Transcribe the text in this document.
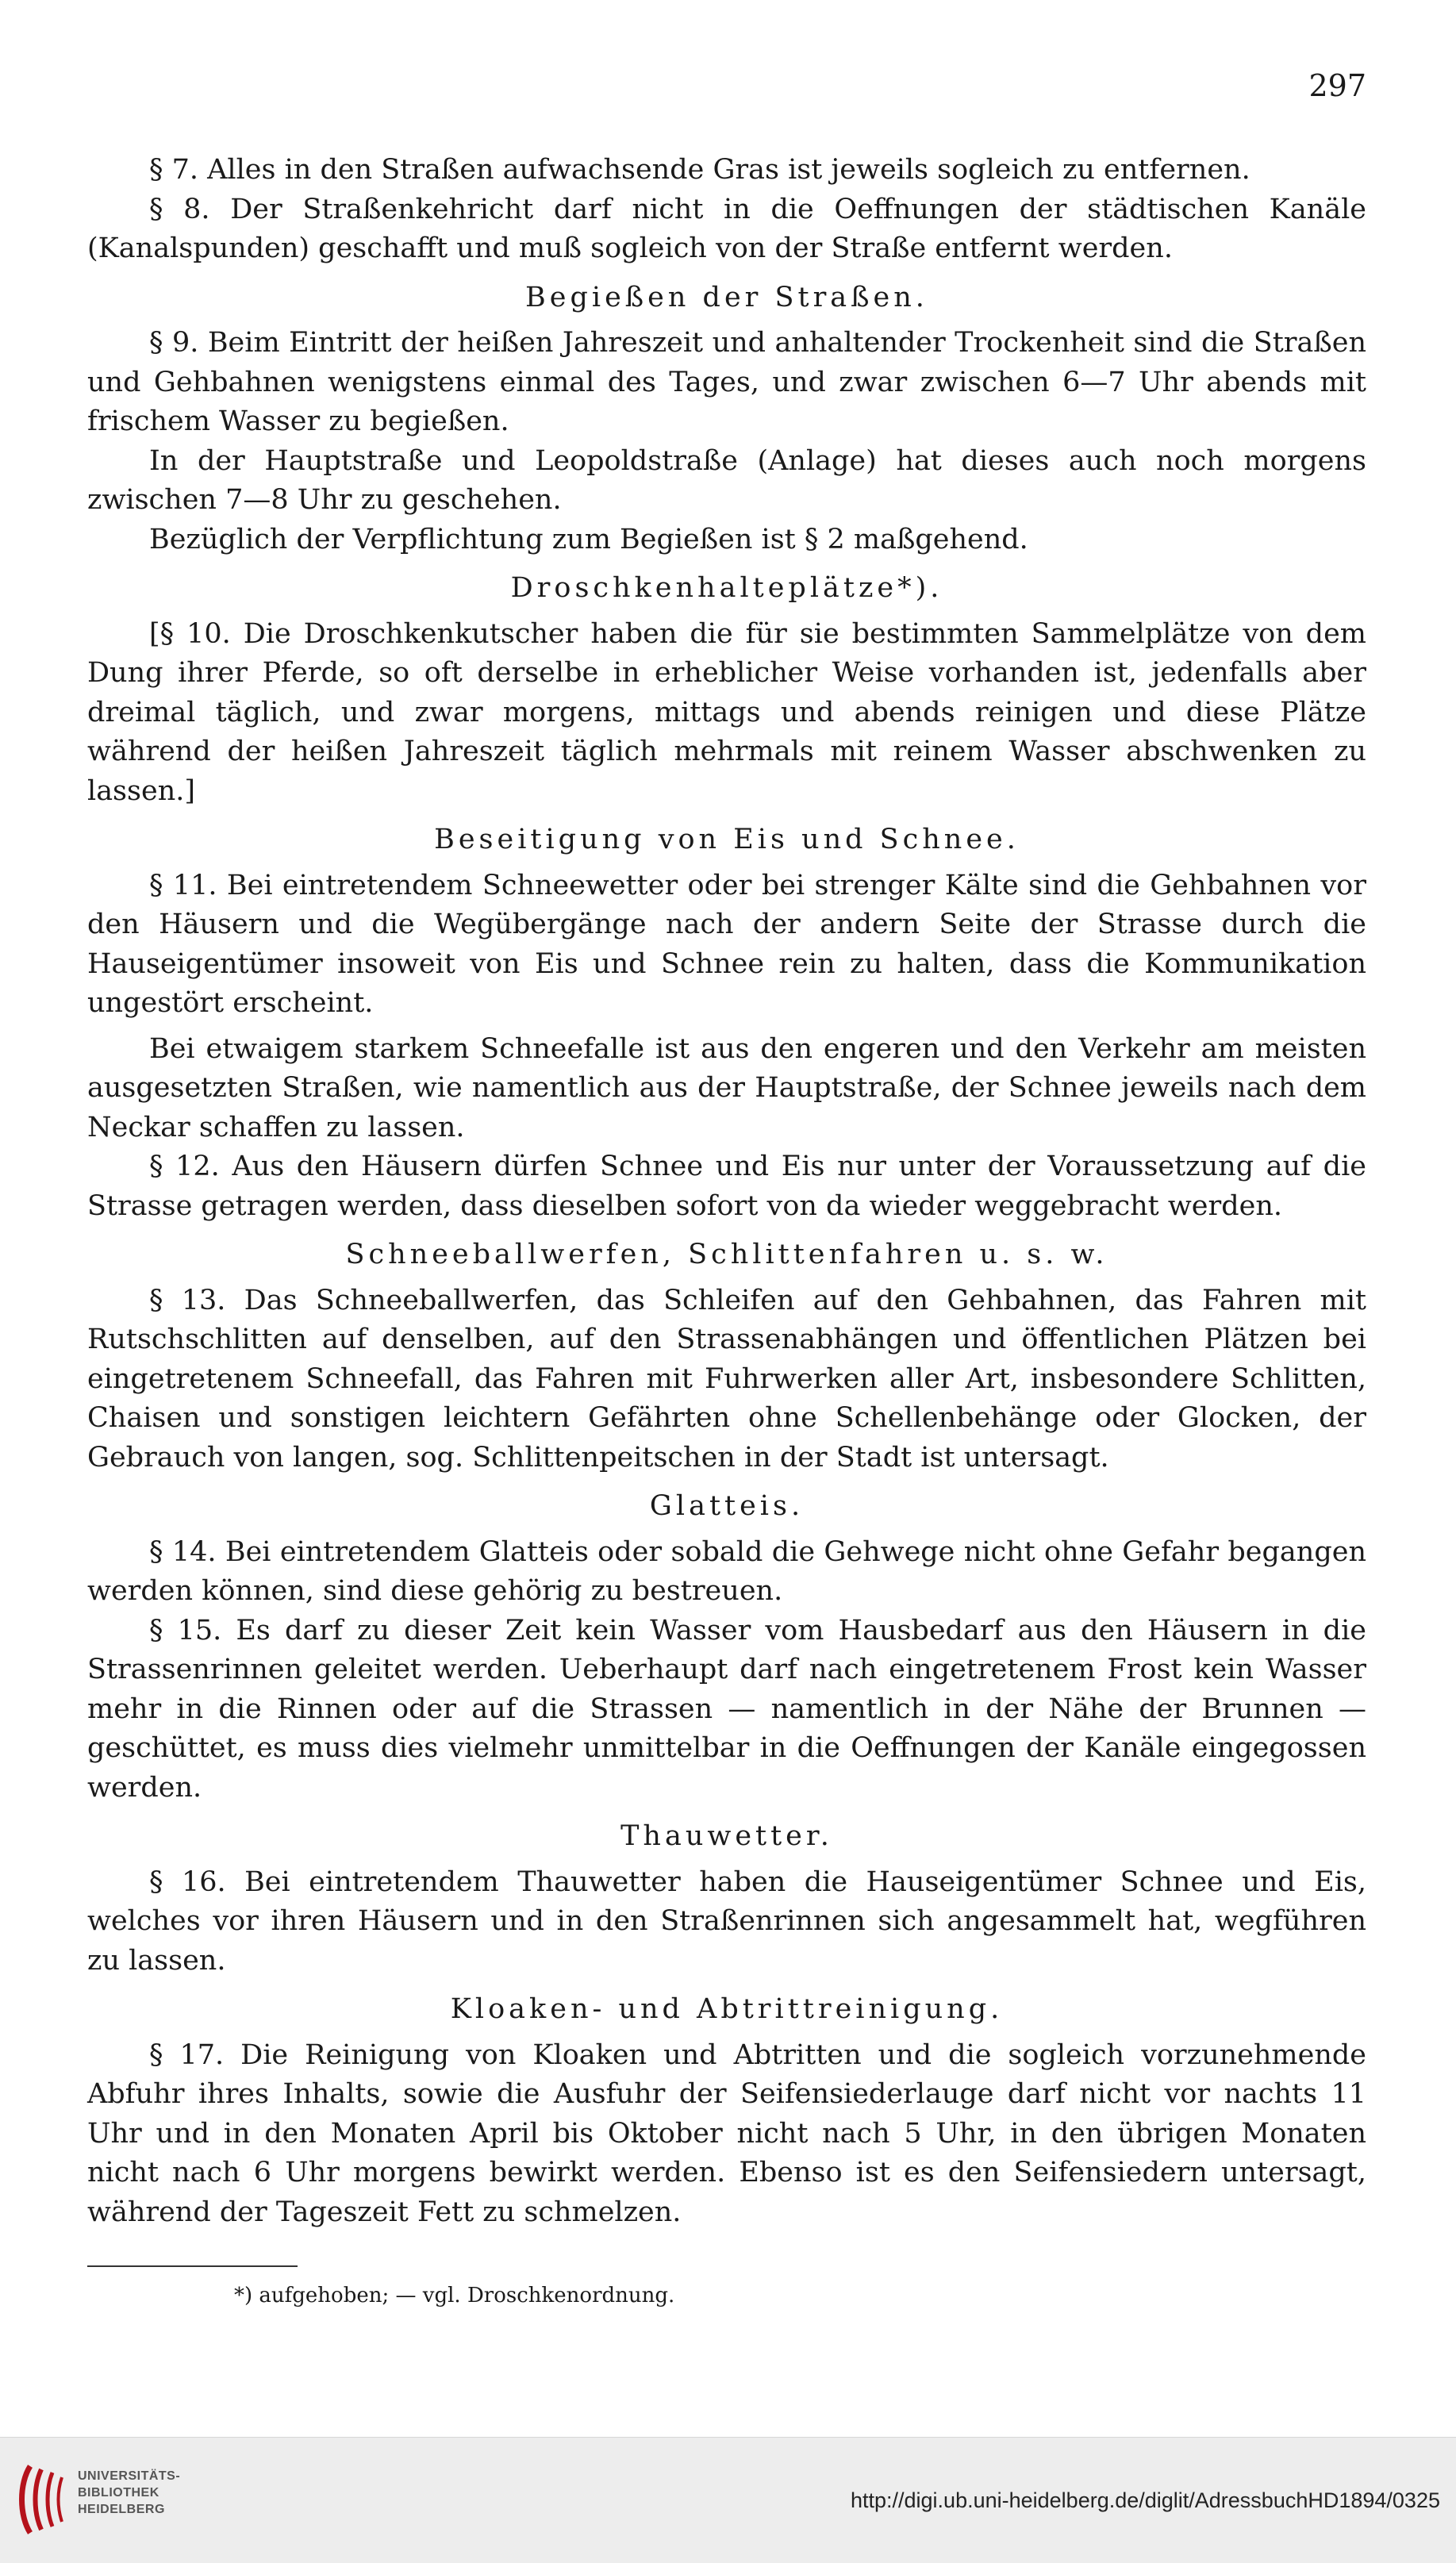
297

§ 7. Alles in den Straßen aufwachsende Gras ist jeweils sogleich zu entfernen.

§ 8. Der Straßenkehricht darf nicht in die Oeffnungen der städtischen Kanäle (Kanalspunden) geschafft und muß sogleich von der Straße entfernt werden.

Begießen der Straßen.

§ 9. Beim Eintritt der heißen Jahreszeit und anhaltender Trockenheit sind die Straßen und Gehbahnen wenigstens einmal des Tages, und zwar zwischen 6—7 Uhr abends mit frischem Wasser zu begießen.

In der Hauptstraße und Leopoldstraße (Anlage) hat dieses auch noch morgens zwischen 7—8 Uhr zu geschehen.

Bezüglich der Verpflichtung zum Begießen ist § 2 maßgehend.

Droschkenhalteplätze*).

[§ 10. Die Droschkenkutscher haben die für sie bestimmten Sammelplätze von dem Dung ihrer Pferde, so oft derselbe in erheblicher Weise vorhanden ist, jedenfalls aber dreimal täglich, und zwar morgens, mittags und abends reinigen und diese Plätze während der heißen Jahreszeit täglich mehrmals mit reinem Wasser abschwenken zu lassen.]

Beseitigung von Eis und Schnee.

§ 11. Bei eintretendem Schneewetter oder bei strenger Kälte sind die Gehbahnen vor den Häusern und die Wegübergänge nach der andern Seite der Strasse durch die Hauseigentümer insoweit von Eis und Schnee rein zu halten, dass die Kommunikation ungestört erscheint.

Bei etwaigem starkem Schneefalle ist aus den engeren und den Verkehr am meisten ausgesetzten Straßen, wie namentlich aus der Hauptstraße, der Schnee jeweils nach dem Neckar schaffen zu lassen.

§ 12. Aus den Häusern dürfen Schnee und Eis nur unter der Voraussetzung auf die Strasse getragen werden, dass dieselben sofort von da wieder weggebracht werden.

Schneeballwerfen, Schlittenfahren u. s. w.

§ 13. Das Schneeballwerfen, das Schleifen auf den Gehbahnen, das Fahren mit Rutschschlitten auf denselben, auf den Strassenabhängen und öffentlichen Plätzen bei eingetretenem Schneefall, das Fahren mit Fuhrwerken aller Art, insbesondere Schlitten, Chaisen und sonstigen leichtern Gefährten ohne Schellenbehänge oder Glocken, der Gebrauch von langen, sog. Schlittenpeitschen in der Stadt ist untersagt.

Glatteis.

§ 14. Bei eintretendem Glatteis oder sobald die Gehwege nicht ohne Gefahr begangen werden können, sind diese gehörig zu bestreuen.

§ 15. Es darf zu dieser Zeit kein Wasser vom Hausbedarf aus den Häusern in die Strassenrinnen geleitet werden. Ueberhaupt darf nach eingetretenem Frost kein Wasser mehr in die Rinnen oder auf die Strassen — namentlich in der Nähe der Brunnen — geschüttet, es muss dies vielmehr unmittelbar in die Oeffnungen der Kanäle eingegossen werden.

Thauwetter.

§ 16. Bei eintretendem Thauwetter haben die Hauseigentümer Schnee und Eis, welches vor ihren Häusern und in den Straßenrinnen sich angesammelt hat, wegführen zu lassen.

Kloaken- und Abtrittreinigung.

§ 17. Die Reinigung von Kloaken und Abtritten und die sogleich vorzunehmende Abfuhr ihres Inhalts, sowie die Ausfuhr der Seifensiederlauge darf nicht vor nachts 11 Uhr und in den Monaten April bis Oktober nicht nach 5 Uhr, in den übrigen Monaten nicht nach 6 Uhr morgens bewirkt werden. Ebenso ist es den Seifensiedern untersagt, während der Tageszeit Fett zu schmelzen.

*) aufgehoben; — vgl. Droschkenordnung.

UNIVERSITÄTS-
BIBLIOTHEK
HEIDELBERG	http://digi.ub.uni-heidelberg.de/diglit/AdressbuchHD1894/0325
